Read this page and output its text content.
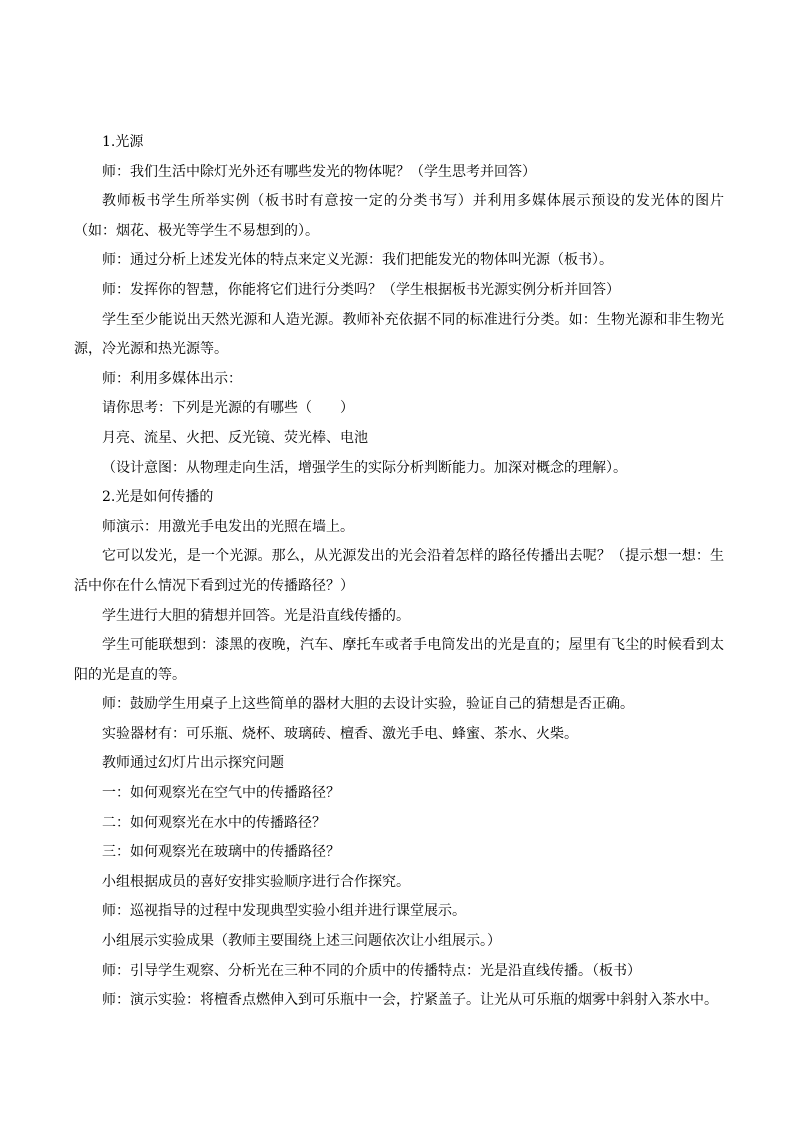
1.光源

师：我们生活中除灯光外还有哪些发光的物体呢？（学生思考并回答）

教师板书学生所举实例（板书时有意按一定的分类书写）并利用多媒体展示预设的发光体的图片（如：烟花、极光等学生不易想到的）。

师：通过分析上述发光体的特点来定义光源：我们把能发光的物体叫光源（板书）。

师：发挥你的智慧，你能将它们进行分类吗？（学生根据板书光源实例分析并回答）

学生至少能说出天然光源和人造光源。教师补充依据不同的标准进行分类。如：生物光源和非生物光源，冷光源和热光源等。

师：利用多媒体出示：

请你思考：下列是光源的有哪些（　　）

月亮、流星、火把、反光镜、荧光棒、电池

（设计意图：从物理走向生活，增强学生的实际分析判断能力。加深对概念的理解）。

2.光是如何传播的

师演示：用激光手电发出的光照在墙上。

它可以发光，是一个光源。那么，从光源发出的光会沿着怎样的路径传播出去呢？（提示想一想：生活中你在什么情况下看到过光的传播路径？）

学生进行大胆的猜想并回答。光是沿直线传播的。

学生可能联想到：漆黑的夜晚，汽车、摩托车或者手电筒发出的光是直的；屋里有飞尘的时候看到太阳的光是直的等。

师：鼓励学生用桌子上这些简单的器材大胆的去设计实验，验证自己的猜想是否正确。

实验器材有：可乐瓶、烧杯、玻璃砖、檀香、激光手电、蜂蜜、茶水、火柴。

教师通过幻灯片出示探究问题

一：如何观察光在空气中的传播路径？

二：如何观察光在水中的传播路径？

三：如何观察光在玻璃中的传播路径？

小组根据成员的喜好安排实验顺序进行合作探究。

师：巡视指导的过程中发现典型实验小组并进行课堂展示。

小组展示实验成果（教师主要围绕上述三问题依次让小组展示。）

师：引导学生观察、分析光在三种不同的介质中的传播特点：光是沿直线传播。（板书）

师：演示实验：将檀香点燃伸入到可乐瓶中一会，拧紧盖子。让光从可乐瓶的烟雾中斜射入茶水中。
